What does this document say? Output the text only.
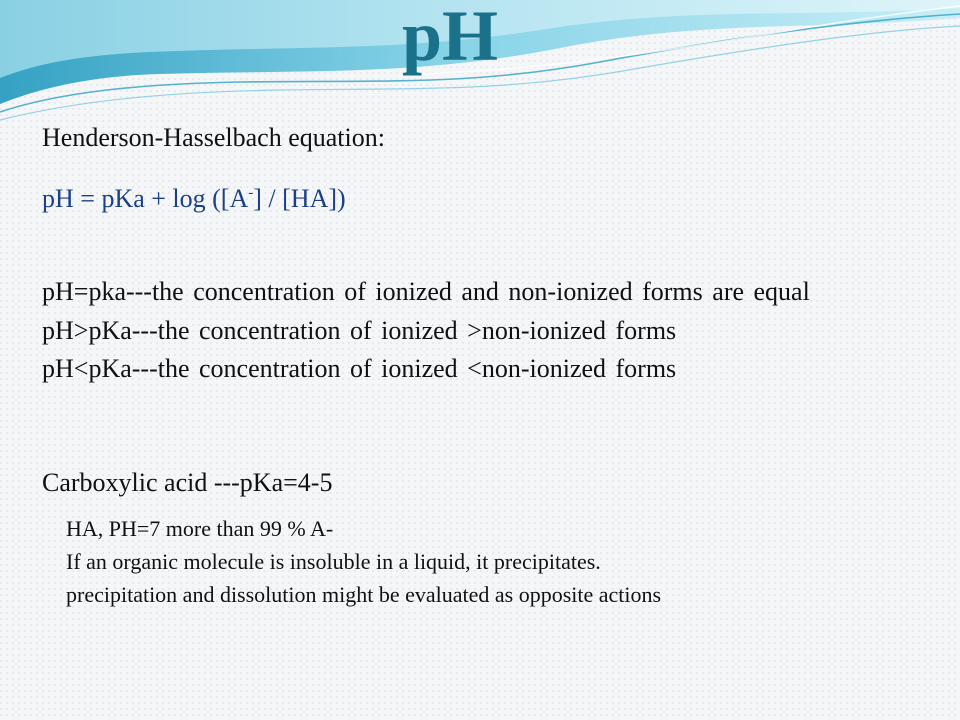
pH

Henderson-Hasselbach equation:

pH = pKa + log ([A-] / [HA])

pH=pka---the concentration of ionized and non-ionized forms are equal
pH>pKa---the concentration of ionized >non-ionized forms
pH<pKa---the concentration of ionized <non-ionized forms

Carboxylic acid ---pKa=4-5

HA, PH=7 more than 99 % A-
If an organic molecule is insoluble in a liquid, it precipitates.
precipitation and dissolution might be evaluated as opposite actions
